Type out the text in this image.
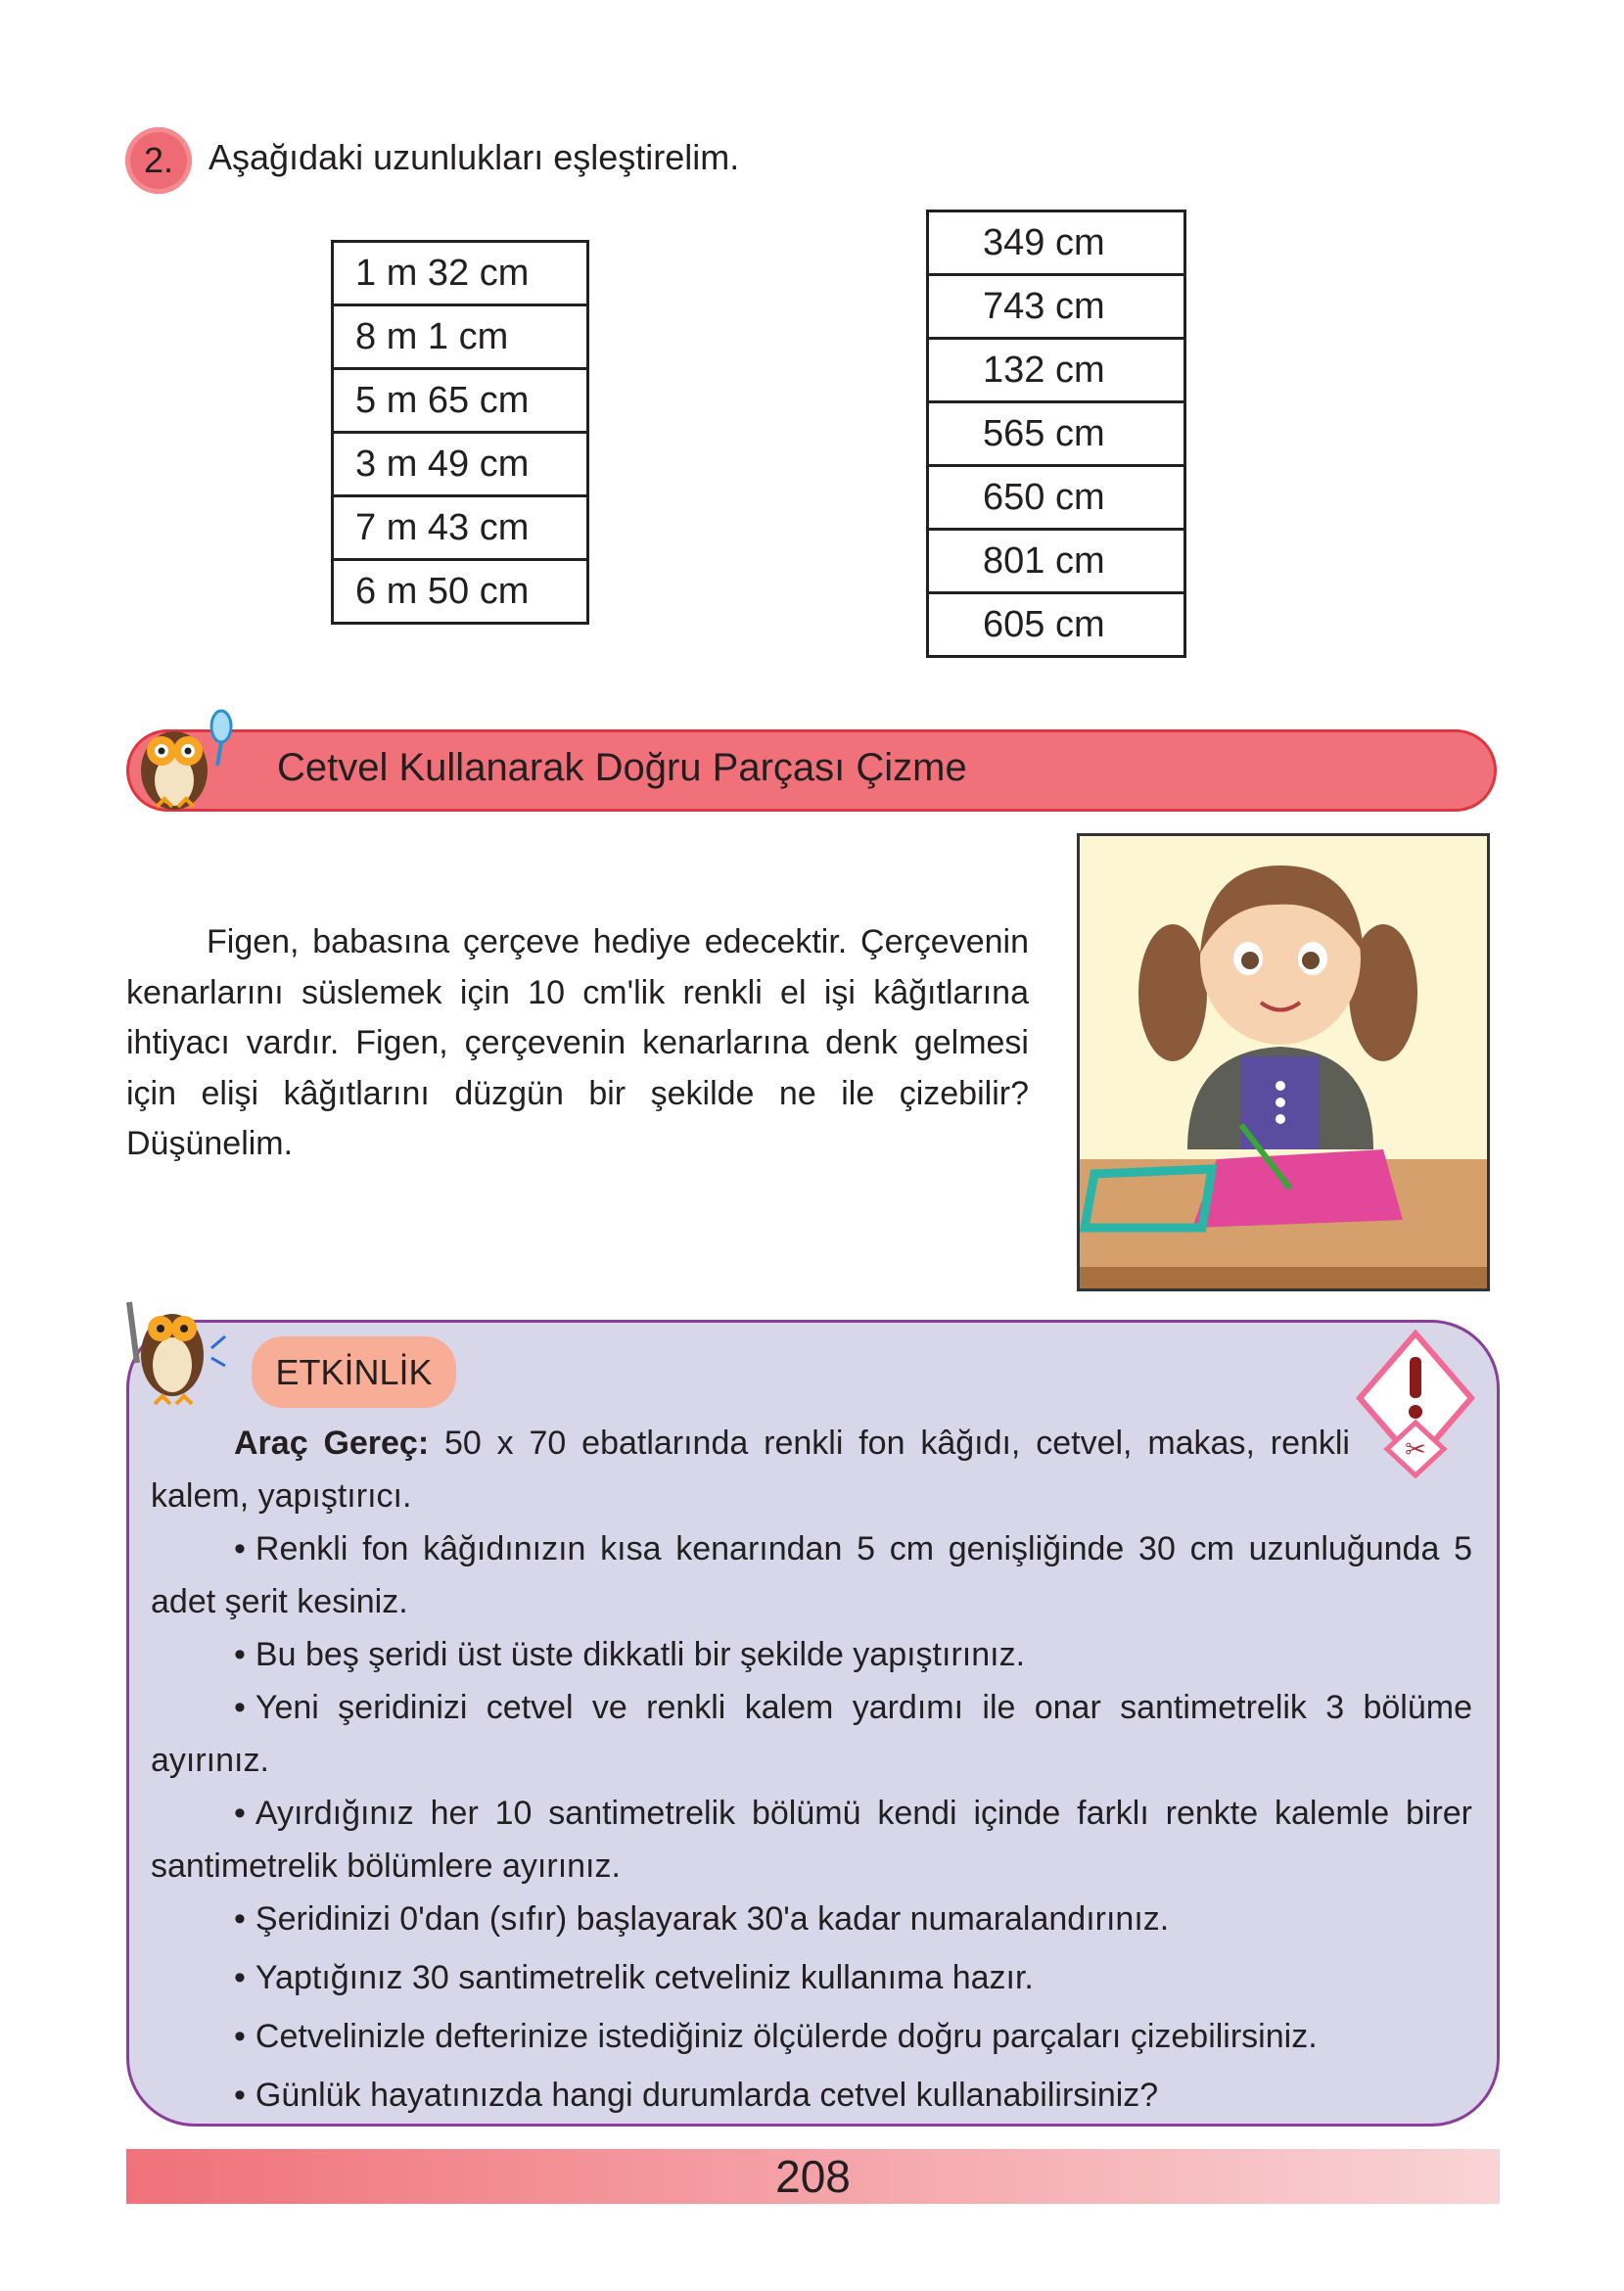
2. Aşağıdaki uzunlukları eşleştirelim.
1 m 32 cm
8 m 1 cm
5 m 65 cm
3 m 49 cm
7 m 43 cm
6 m 50 cm
349 cm
743 cm
132 cm
565 cm
650 cm
801 cm
605 cm
Cetvel Kullanarak Doğru Parçası Çizme

Figen, babasına çerçeve hediye edecektir. Çerçevenin kenarlarını süslemek için 10 cm'lik renkli el işi kâğıtlarına ihtiyacı vardır. Figen, çerçevenin kenarlarına denk gelmesi için elişi kâğıtlarını düzgün bir şekilde ne ile çizebilir? Düşünelim.

ETKİNLİK
✂

Araç Gereç: 50 x 70 ebatlarında renkli fon kâğıdı, cetvel, makas, renkli kalem, yapıştırıcı.

• Renkli fon kâğıdınızın kısa kenarından 5 cm genişliğinde 30 cm uzunluğunda 5 adet şerit kesiniz.

• Bu beş şeridi üst üste dikkatli bir şekilde yapıştırınız.

• Yeni şeridinizi cetvel ve renkli kalem yardımı ile onar santimetrelik 3 bölüme ayırınız.

• Ayırdığınız her 10 santimetrelik bölümü kendi içinde farklı renkte kalemle birer santimetrelik bölümlere ayırınız.

• Şeridinizi 0'dan (sıfır) başlayarak 30'a kadar numaralandırınız.

• Yaptığınız 30 santimetrelik cetveliniz kullanıma hazır.

• Cetvelinizle defterinize istediğiniz ölçülerde doğru parçaları çizebilirsiniz.

• Günlük hayatınızda hangi durumlarda cetvel kullanabilirsiniz?

208
